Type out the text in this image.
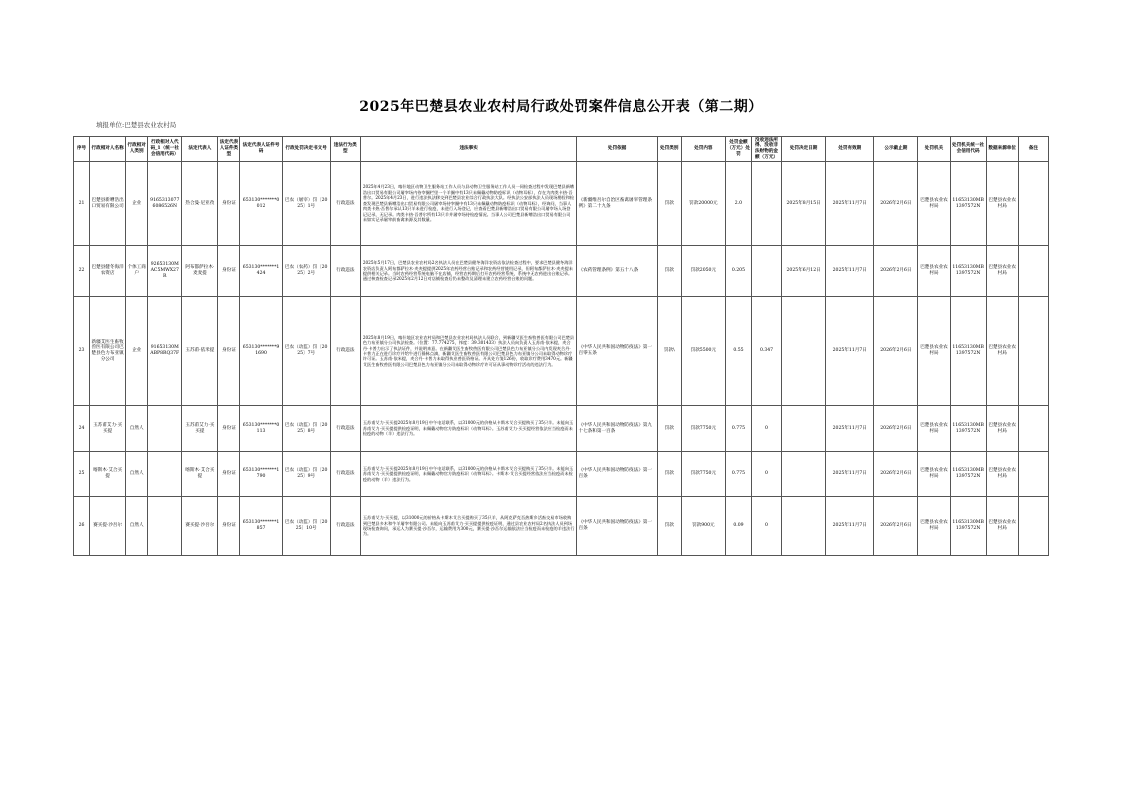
2025年巴楚县农业农村局行政处罚案件信息公开表（第二期）
填报单位:巴楚县农业农村局
序号	行政相对人名称	行政相对人类别	行政相对人代码_1（统一社会信用代码）	法定代表人	法定代表人证件类型	法定代表人证件号码	行政处罚决定书文号	违法行为类型	违法事实	处罚依据	处罚类别	处罚内容	处罚金额（万元）处罚	没收违法所得、没收非法财物的金额（万元）	处罚决定日期	处罚有效期	公示截止期	处罚机关	处罚机关统一社会信用代码	数据来源单位	备注
21	巴楚县新嘈浩出口贸易有限公司	企业	91653130776086526N	热合曼·尼亚孜	身份证	653130*******0012	巴农（屠宰）罚〔2025〕1号	行政违法	2025年4月23日，喀什地区动物卫生服务站工作人员与县动物卫生服务站工作人员一同检查过程中发现巴楚县新嘈浩出口贸易有限公司屠宰场内待宰圈栏里一个羊圈中有13只未佩戴动物防疫标识（动物耳标），存在为肉类卡热·吾普尔。2025年4月23日，进行违法执法移交到巴楚县农业综合行政执法大队。经执法公安部执法人员现场勘验和检查发现巴楚县新嘈浩出口贸易有限公司屠宰场待宰圈中有13只未佩戴动物防疫标识（动物耳标），经询问，当事人肉类卡热·吾普尔承认13只羊未进行检疫，未进行入场登记，应查看巴楚县新嘈浩出口贸易有限公司屠宰场入场登记记录，无记录。肉类卡热·吾普尔所有13只羊并屠宰场待检疫情况。当事人公司巴楚县新嘈浩出口贸易有限公司未如实记录屠宰前畜禽来源及其数量。	《新疆维吾尔自治区畜禽屠宰管理条例》第二十九条	罚款	罚款20000元	2.0		2025年8月15日	2025年11月7日	2026年2月6日	巴楚县农业农村局	11653130MB1397572N	巴楚县农业农村局	
22	巴楚县健冬海洋农资店	个体工商户	92653130MAC5MWX27R	阿布都萨拉木·麦麦提	身份证	653130*******1424	巴农（农药）罚〔2025〕2号	行政违法	2025年5月17日，巴楚县农业农村局2名执法人员在巴楚县健冬海洋农资店依法检查过程中，要求巴楚县健冬海洋农资店负责人阿布都萨拉木·麦麦提提供2025年农药经营台账记录和农药经营使用记录，但阿布都萨拉木·麦麦提未提供相关记录。当时农药经营系统电脑不在店铺，经营农药期后打开农药经营系统，系统中无农药进出台账记录。通过核查检查记录2025年2月12日对店铺检查后仍未整改及清理未建立农药经营台账的问题。	《农药管理条例》第五十八条	罚款	罚款2050元	0.205		2025年6月12日	2025年11月7日	2026年2月6日	巴楚县农业农村局	11653130MB1397572N	巴楚县农业农村局	
23	新疆艾医生畜牧兽医有限公司巴楚县色力布亚镇分公司	企业	91653130MABP8RQ37F	玉苏甫·依米提	身份证	653130*******91690	巴农（动监）罚〔2025〕7号	行政违法	2025年8月19日，喀什地区农业农村局和巴楚县农业农村局执法人员联合，到新疆艾医生畜牧兽医有限公司巴楚县色力布亚镇分公司执法检查。（位置：77.774275，纬度：39.301433）执法人员向负责人玉苏甫·依米提，麦合丹·卡普力出示了执法证件，并说明来意。在新疆艾医生畜牧兽医有限公司巴楚县色力布亚镇分公司内发现麦合丹·卡普力正在进行诊疗并给牛进行静脉点滴，新疆艾医生畜牧兽医有限公司巴楚县色力布亚镇分公司未取得动物诊疗许可证。玉苏甫·依米提，麦合丹·卡普力未取得执业兽医资格证。开具处方笺126份，收取诊疗费用3470元。新疆艾医生畜牧兽医有限公司巴楚县色力布亚镇分公司未取得动物诊疗许可证从事动物诊疗活动的违法行为。	《中华人民共和国动物防疫法》第一百零五条	罚款\	罚款5500元	0.55	0.347		2025年11月7日	2026年2月6日	巴楚县农业农村局	11653130MB1397572N	巴楚县农业农村局	
24	玉苏甫艾力·买买提	自然人		玉苏甫艾力·买买提	身份证	653130*******0113	巴农（动监）罚〔2025〕8号	行政违法	玉苏甫艾力·买买提2025年8月19日中午电话联系，以31000元的价格从卡斯木艾合买提购买了35只羊。未能向玉苏甫艾力·买买提提供检疫证明，未佩戴动物官方防疫标识（动物耳标）。玉苏甫艾力·买买提经营依法应当检疫而未检疫的动物（羊）违法行为。	《中华人民共和国动物防疫法》第九十七条和第一百条	罚款	罚款7750元	0.775	0		2025年11月7日	2026年2月6日	巴楚县农业农村局	11653130MB1397572N	巴楚县农业农村局	
25	喀斯木·艾合买提	自然人		喀斯木·艾合买提	身份证	653130*******1790	巴农（动监）罚〔2025〕9号	行政违法	玉苏甫艾力·买买提2025年8月19日中午电话联系，以31000元的价格从卡斯木艾合买提购买了35只羊。未能向玉苏甫艾力·买买提提供检疫证明，未佩戴动物官方防疫标识（动物耳标）。卡斯木·艾合买提经营依法应当检疫而未检疫的动物（羊）违法行为。	《中华人民共和国动物防疫法》第一百条	罚款	罚款7750元	0.775	0		2025年11月7日	2026年2月6日	巴楚县农业农村局	11653130MB1397572N	巴楚县农业农村局	
26	赛买提·沙吾尔	自然人		赛买提·沙吾尔	身份证	653130*******1857	巴农（动监）罚〔2025〕10号	行政违法	玉苏甫艾力·买买提，以31000元的价格从卡斯木艾合买提购买了35只羊，从阿克萨克吾热斯乡活畜交易市场收购到巴楚县多木和牛羊屠宰有限公司。未能向玉苏甫艾力·买买提提供检疫证明，通过县农业农村局2名执法人员到场现场检查询问，承运人为赛买提·沙吾尔，运输费用为300元，赛买提·沙吾尔运输依法应当检疫而未检疫的羊违法行为。	《中华人民共和国动物防疫法》第一百条	罚款	罚款900元	0.09	0		2025年11月7日	2026年2月6日	巴楚县农业农村局	11653130MB1397572N	巴楚县农业农村局	
